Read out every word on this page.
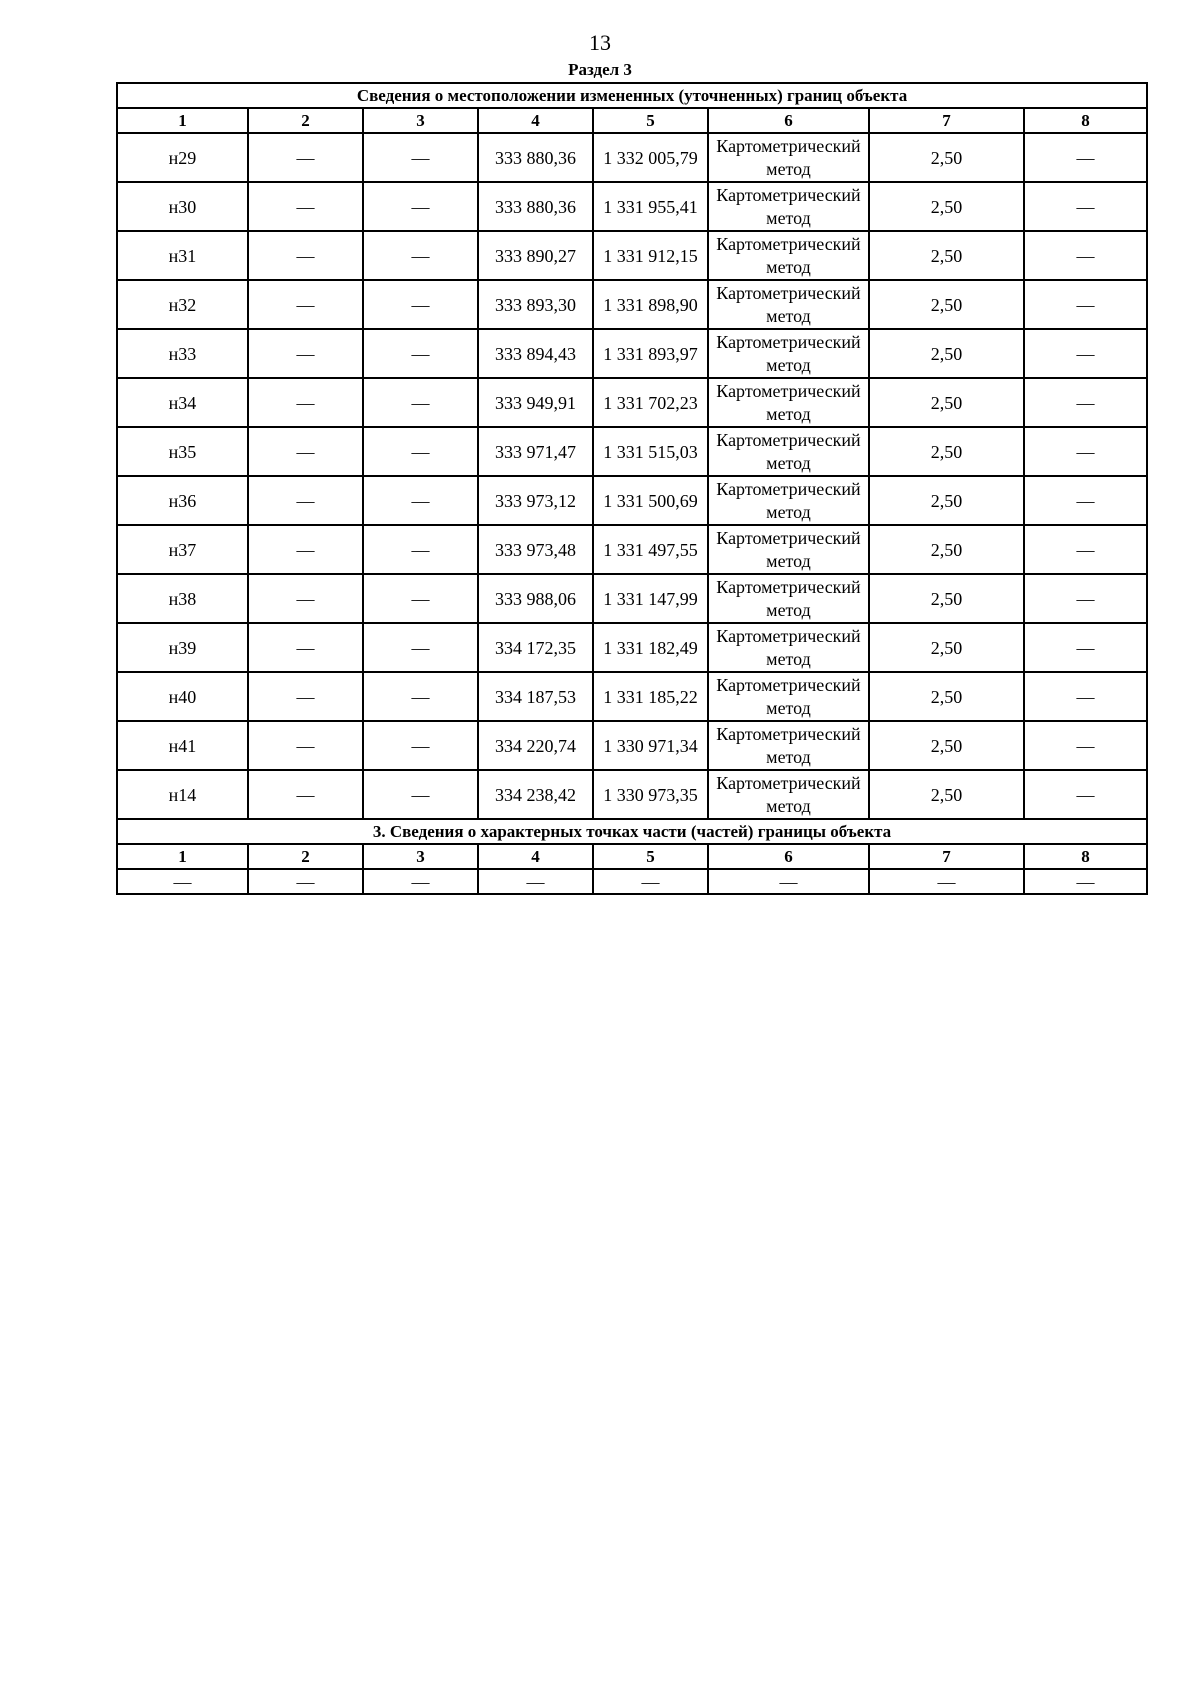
13
Раздел 3
Сведения о местоположении измененных (уточненных) границ объекта							
1	2	3	4	5	6	7	8
н29	—	—	333 880,36	1 332 005,79	Картометрический метод	2,50	—
н30	—	—	333 880,36	1 331 955,41	Картометрический метод	2,50	—
н31	—	—	333 890,27	1 331 912,15	Картометрический метод	2,50	—
н32	—	—	333 893,30	1 331 898,90	Картометрический метод	2,50	—
н33	—	—	333 894,43	1 331 893,97	Картометрический метод	2,50	—
н34	—	—	333 949,91	1 331 702,23	Картометрический метод	2,50	—
н35	—	—	333 971,47	1 331 515,03	Картометрический метод	2,50	—
н36	—	—	333 973,12	1 331 500,69	Картометрический метод	2,50	—
н37	—	—	333 973,48	1 331 497,55	Картометрический метод	2,50	—
н38	—	—	333 988,06	1 331 147,99	Картометрический метод	2,50	—
н39	—	—	334 172,35	1 331 182,49	Картометрический метод	2,50	—
н40	—	—	334 187,53	1 331 185,22	Картометрический метод	2,50	—
н41	—	—	334 220,74	1 330 971,34	Картометрический метод	2,50	—
н14	—	—	334 238,42	1 330 973,35	Картометрический метод	2,50	—
3. Сведения о характерных точках части (частей) границы объекта							
1	2	3	4	5	6	7	8
—	—	—	—	—	—	—	—
